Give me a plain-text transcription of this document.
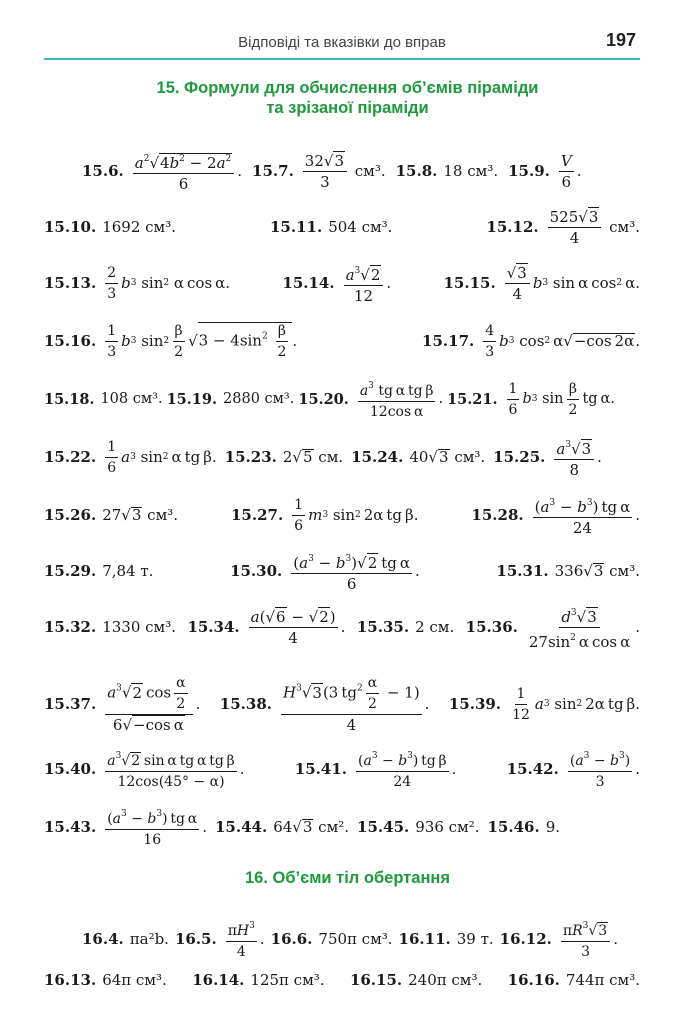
Відповіді та вказівки до вправ	197
15. Формули для обчислення об’ємів піраміди
та зрізаної піраміди
15.6. $\frac{a^2√4b^2 - 2a^2}{6}$ . 15.7. $\frac{32√3}{3} см^3$. 15.8. 18 см³. 15.9. $\frac{V}{6}$ .
15.10. 1692 см³.	15.11. 504 см³.	15.12. $\frac{525√3}{4} см^3$.
15.13. $\frac{2}{3}$ b 3 sin 2 α cos α.	15.14. $\frac{a^3√2}{12}$ .	15.15. $\frac{√3}{4}$ b 3 sin α cos 2  α.
15.16. $\frac{1}{3}$ b 3 $\sin 2 \frac{\beta}{2}$ √ $3 - 4\sin^2 \frac{\beta}{2}$ .	15.17. $\frac{4}{3}$ b 3 cos 2  α√ −cos 2α .
15.18. 108 см³. 15.19. 2880 см³. 15.20. $\frac{a^3 tg \alpha tg \beta}{\text{12cos α}}$ . 15.21. $\frac{1}{6}$ b 3 $\sin \frac{\beta}{2}$ tg α.
15.22. $\frac{1}{6}$ a 3 sin 2  α tg β. 15.23. 2√ 5 см. 15.24. 40√ 3 см³. 15.25. $\frac{a^3√3}{8}$ .
15.26. 27√ 3 см³.	15.27. $\frac{1}{6}$ m 3 sin 2  2α tg β.	15.28. $\frac{(a^3 - b^3) tg \alpha}{24}$ .
15.29. 7,84 т.	15.30. $\frac{(a^3 - b^3)√2 tg \alpha}{6}$ .	15.31. 336√ 3 см³.
15.32. 1330 см³. 15.34. $\frac{a(√6 - √2)}{4}$ . 15.35. 2 см. 15.36. $\frac{d^3√3}{27\sin^2 \alpha \cos \alpha}$ .
15.37. $\frac{a^3√2 \cos \frac{\alpha}{2}}{\text{6√−cos α}}$ . 15.38. $\frac{H^3√3(3 tg^2 \frac{\alpha}{2} - 1)}{4}$ . 15.39. $\frac{1}{12}$ a 3 sin 2  2α tg β.
15.40. $\frac{a^3√2 \sin \alpha tg \alpha tg \beta}{12\cos(45^\circ - \alpha)}$ .	15.41. $\frac{(a^3 - b^3) tg \beta}{24}$ .	15.42. $\frac{(a^3 - b^3)}{3}$ .
15.43. $\frac{(a^3 - b^3) tg \alpha}{16}$ . 15.44. 64√ 3 см². 15.45. 936 см². 15.46. 9.
16. Об’єми тіл обертання
16.4. πa²b. 16.5. $\frac{\pi H^3}{4}$ . 16.6. 750π см³. 16.11. 39 т. 16.12. $\frac{\pi R^3√3}{3}$ .
16.13. 64π см³. 16.14. 125π см³. 16.15. 240π см³. 16.16. 744π см³.
